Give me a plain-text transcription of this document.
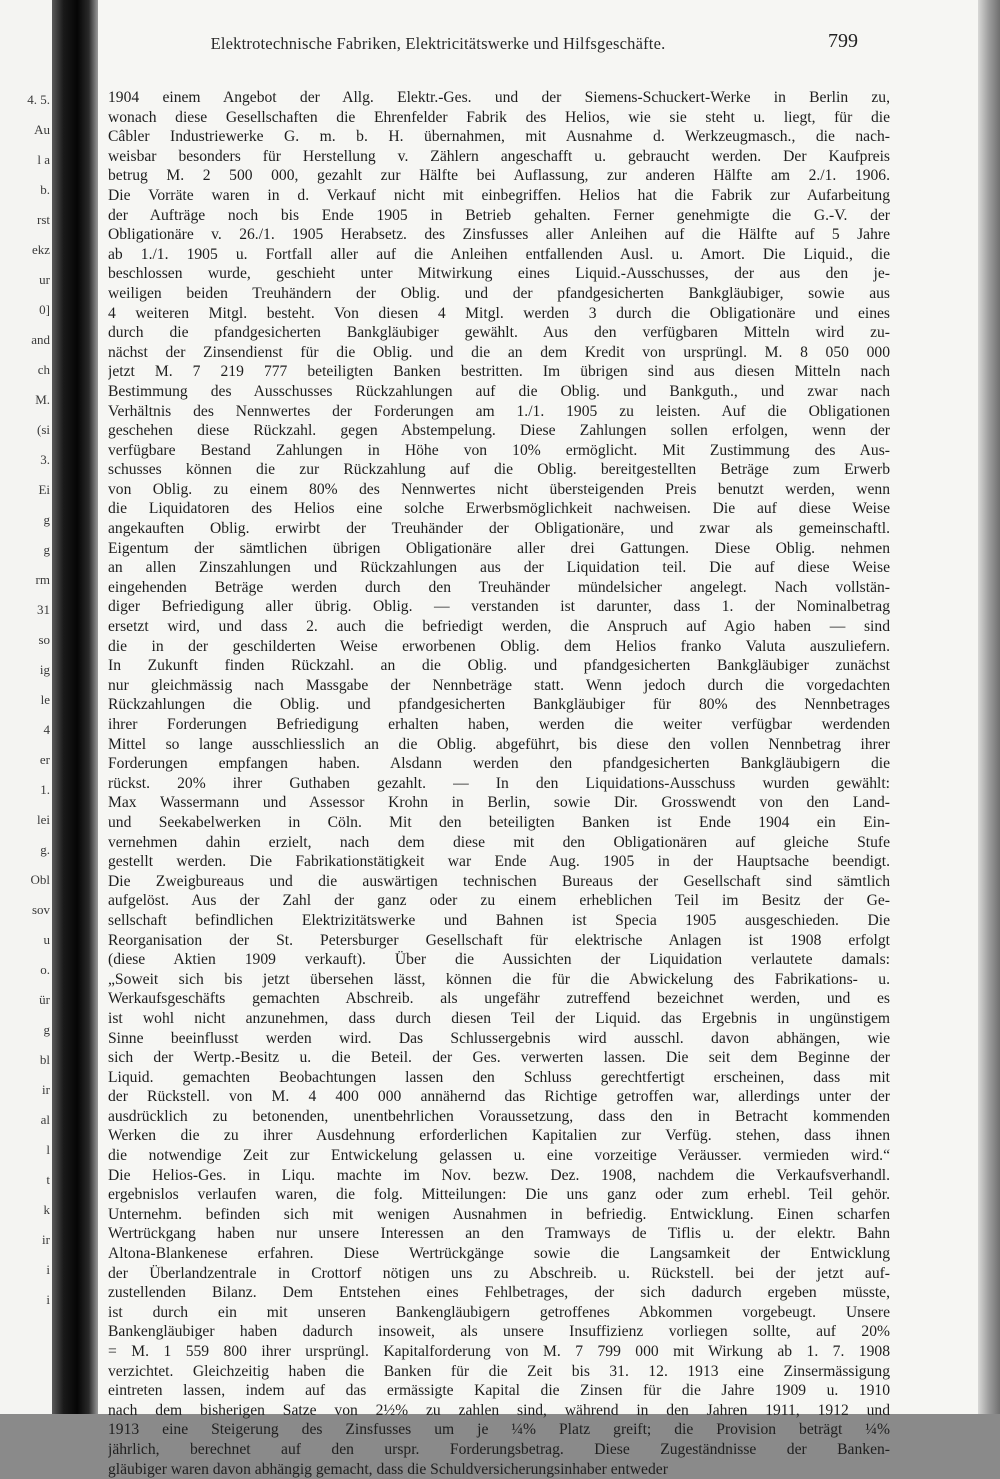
4. 5.
Au
l a
b.
rst
ekz
ur
0]
and
ch
M.
(si
3.
Ei
g
g
rm
31
so
ig
le
4
er
1.
lei
g.
Obl
sov
u
o.
ür
g
bl
ir
al
l
t
k
ir
i
i
Elektrotechnische Fabriken, Elektricitätswerke und Hilfsgeschäfte.	799
1904 einem Angebot der Allg. Elektr.-Ges. und der Siemens-Schuckert-Werke in Berlin zu,
wonach diese Gesellschaften die Ehrenfelder Fabrik des Helios, wie sie steht u. liegt, für die
Câbler Industriewerke G. m. b. H. übernahmen, mit Ausnahme d. Werkzeugmasch., die nach-
weisbar besonders für Herstellung v. Zählern angeschafft u. gebraucht werden. Der Kaufpreis
betrug M. 2 500 000, gezahlt zur Hälfte bei Auflassung, zur anderen Hälfte am 2./1. 1906.
Die Vorräte waren in d. Verkauf nicht mit einbegriffen. Helios hat die Fabrik zur Aufarbeitung
der Aufträge noch bis Ende 1905 in Betrieb gehalten. Ferner genehmigte die G.-V. der
Obligationäre v. 26./1. 1905 Herabsetz. des Zinsfusses aller Anleihen auf die Hälfte auf 5 Jahre
ab 1./1. 1905 u. Fortfall aller auf die Anleihen entfallenden Ausl. u. Amort. Die Liquid., die
beschlossen wurde, geschieht unter Mitwirkung eines Liquid.-Ausschusses, der aus den je-
weiligen beiden Treuhändern der Oblig. und der pfandgesicherten Bankgläubiger, sowie aus
4 weiteren Mitgl. besteht. Von diesen 4 Mitgl. werden 3 durch die Obligationäre und eines
durch die pfandgesicherten Bankgläubiger gewählt. Aus den verfügbaren Mitteln wird zu-
nächst der Zinsendienst für die Oblig. und die an dem Kredit von ursprüngl. M. 8 050 000
jetzt M. 7 219 777 beteiligten Banken bestritten. Im übrigen sind aus diesen Mitteln nach
Bestimmung des Ausschusses Rückzahlungen auf die Oblig. und Bankguth., und zwar nach
Verhältnis des Nennwertes der Forderungen am 1./1. 1905 zu leisten. Auf die Obligationen
geschehen diese Rückzahl. gegen Abstempelung. Diese Zahlungen sollen erfolgen, wenn der
verfügbare Bestand Zahlungen in Höhe von 10% ermöglicht. Mit Zustimmung des Aus-
schusses können die zur Rückzahlung auf die Oblig. bereitgestellten Beträge zum Erwerb
von Oblig. zu einem 80% des Nennwertes nicht übersteigenden Preis benutzt werden, wenn
die Liquidatoren des Helios eine solche Erwerbsmöglichkeit nachweisen. Die auf diese Weise
angekauften Oblig. erwirbt der Treuhänder der Obligationäre, und zwar als gemeinschaftl.
Eigentum der sämtlichen übrigen Obligationäre aller drei Gattungen. Diese Oblig. nehmen
an allen Zinszahlungen und Rückzahlungen aus der Liquidation teil. Die auf diese Weise
eingehenden Beträge werden durch den Treuhänder mündelsicher angelegt. Nach vollstän-
diger Befriedigung aller übrig. Oblig. — verstanden ist darunter, dass 1. der Nominalbetrag
ersetzt wird, und dass 2. auch die befriedigt werden, die Anspruch auf Agio haben — sind
die in der geschilderten Weise erworbenen Oblig. dem Helios franko Valuta auszuliefern.
In Zukunft finden Rückzahl. an die Oblig. und pfandgesicherten Bankgläubiger zunächst
nur gleichmässig nach Massgabe der Nennbeträge statt. Wenn jedoch durch die vorgedachten
Rückzahlungen die Oblig. und pfandgesicherten Bankgläubiger für 80% des Nennbetrages
ihrer Forderungen Befriedigung erhalten haben, werden die weiter verfügbar werdenden
Mittel so lange ausschliesslich an die Oblig. abgeführt, bis diese den vollen Nennbetrag ihrer
Forderungen empfangen haben. Alsdann werden den pfandgesicherten Bankgläubigern die
rückst. 20% ihrer Guthaben gezahlt. — In den Liquidations-Ausschuss wurden gewählt:
Max Wassermann und Assessor Krohn in Berlin, sowie Dir. Grosswendt von den Land-
und Seekabelwerken in Cöln. Mit den beteiligten Banken ist Ende 1904 ein Ein-
vernehmen dahin erzielt, nach dem diese mit den Obligationären auf gleiche Stufe
gestellt werden. Die Fabrikationstätigkeit war Ende Aug. 1905 in der Hauptsache beendigt.
Die Zweigbureaus und die auswärtigen technischen Bureaus der Gesellschaft sind sämtlich
aufgelöst. Aus der Zahl der ganz oder zu einem erheblichen Teil im Besitz der Ge-
sellschaft befindlichen Elektrizitätswerke und Bahnen ist Specia 1905 ausgeschieden. Die
Reorganisation der St. Petersburger Gesellschaft für elektrische Anlagen ist 1908 erfolgt
(diese Aktien 1909 verkauft). Über die Aussichten der Liquidation verlautete damals:
„Soweit sich bis jetzt übersehen lässt, können die für die Abwickelung des Fabrikations- u.
Werkaufsgeschäfts gemachten Abschreib. als ungefähr zutreffend bezeichnet werden, und es
ist wohl nicht anzunehmen, dass durch diesen Teil der Liquid. das Ergebnis in ungünstigem
Sinne beeinflusst werden wird. Das Schlussergebnis wird ausschl. davon abhängen, wie
sich der Wertp.-Besitz u. die Beteil. der Ges. verwerten lassen. Die seit dem Beginne der
Liquid. gemachten Beobachtungen lassen den Schluss gerechtfertigt erscheinen, dass mit
der Rückstell. von M. 4 400 000 annähernd das Richtige getroffen war, allerdings unter der
ausdrücklich zu betonenden, unentbehrlichen Voraussetzung, dass den in Betracht kommenden
Werken die zu ihrer Ausdehnung erforderlichen Kapitalien zur Verfüg. stehen, dass ihnen
die notwendige Zeit zur Entwickelung gelassen u. eine vorzeitige Veräusser. vermieden wird.“
Die Helios-Ges. in Liqu. machte im Nov. bezw. Dez. 1908, nachdem die Verkaufsverhandl.
ergebnislos verlaufen waren, die folg. Mitteilungen: Die uns ganz oder zum erhebl. Teil gehör.
Unternehm. befinden sich mit wenigen Ausnahmen in befriedig. Entwicklung. Einen scharfen
Wertrückgang haben nur unsere Interessen an den Tramways de Tiflis u. der elektr. Bahn
Altona-Blankenese erfahren. Diese Wertrückgänge sowie die Langsamkeit der Entwicklung
der Überlandzentrale in Crottorf nötigen uns zu Abschreib. u. Rückstell. bei der jetzt auf-
zustellenden Bilanz. Dem Entstehen eines Fehlbetrages, der sich dadurch ergeben müsste,
ist durch ein mit unseren Bankengläubigern getroffenes Abkommen vorgebeugt. Unsere
Bankengläubiger haben dadurch insoweit, als unsere Insuffizienz vorliegen sollte, auf 20%
= M. 1 559 800 ihrer ursprüngl. Kapitalforderung von M. 7 799 000 mit Wirkung ab 1. 7. 1908
verzichtet. Gleichzeitig haben die Banken für die Zeit bis 31. 12. 1913 eine Zinsermässigung
eintreten lassen, indem auf das ermässigte Kapital die Zinsen für die Jahre 1909 u. 1910
nach dem bisherigen Satze von 2½% zu zahlen sind, während in den Jahren 1911, 1912 und
1913 eine Steigerung des Zinsfusses um je ¼% Platz greift; die Provision beträgt ¼%
jährlich, berechnet auf den urspr. Forderungsbetrag. Diese Zugeständnisse der Banken-
gläubiger waren davon abhängig gemacht, dass die Schuldversicherungsinhaber entweder
